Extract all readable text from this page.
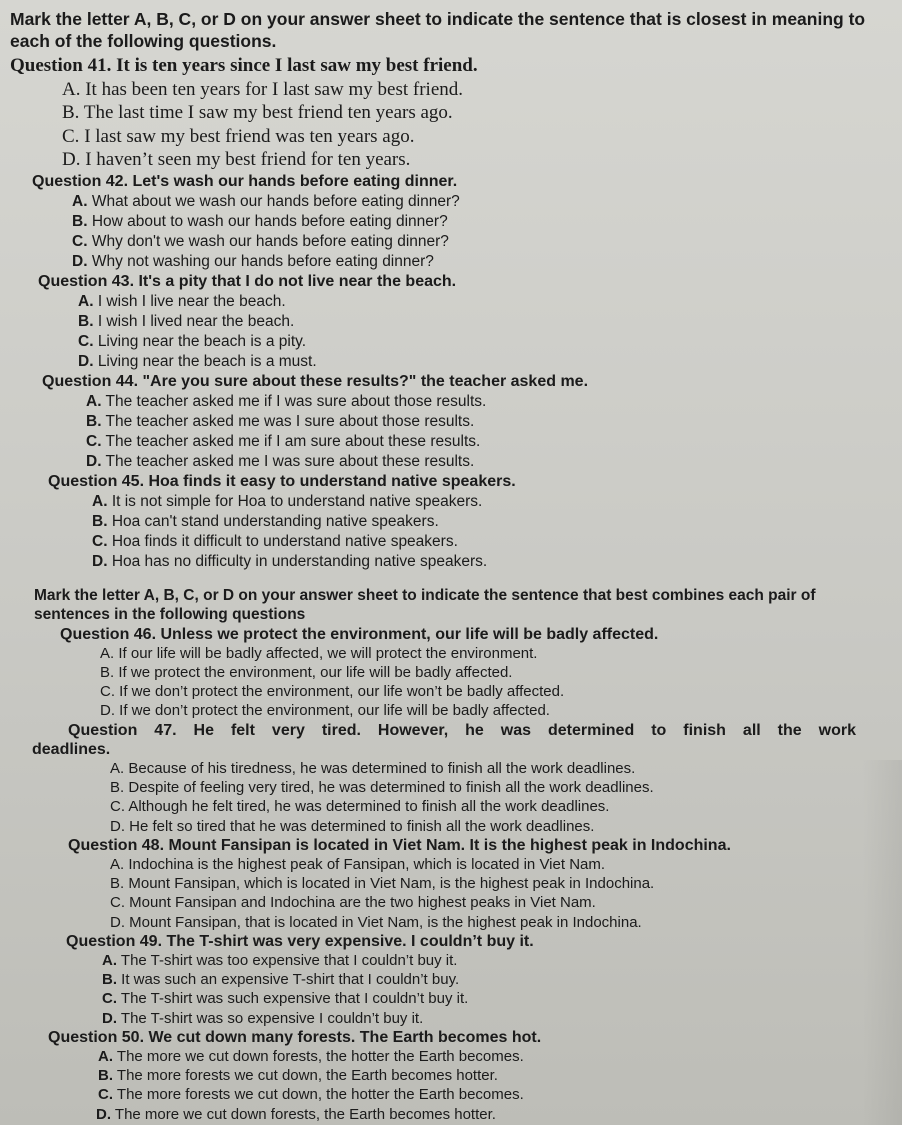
Mark the letter A, B, C, or D on your answer sheet to indicate the sentence that is closest in meaning to each of the following questions.

Question 41. It is ten years since I last saw my best friend.

A. It has been ten years for I last saw my best friend.

B. The last time I saw my best friend ten years ago.

C. I last saw my best friend was ten years ago.

D. I haven’t seen my best friend for ten years.

Question 42. Let's wash our hands before eating dinner.

A. What about we wash our hands before eating dinner?

B. How about to wash our hands before eating dinner?

C. Why don't we wash our hands before eating dinner?

D. Why not washing our hands before eating dinner?

Question 43. It's a pity that I do not live near the beach.

A. I wish I live near the beach.

B. I wish I lived near the beach.

C. Living near the beach is a pity.

D. Living near the beach is a must.

Question 44. "Are you sure about these results?" the teacher asked me.

A. The teacher asked me if I was sure about those results.

B. The teacher asked me was I sure about those results.

C. The teacher asked me if I am sure about these results.

D. The teacher asked me I was sure about these results.

Question 45. Hoa finds it easy to understand native speakers.

A. It is not simple for Hoa to understand native speakers.

B. Hoa can't stand understanding native speakers.

C. Hoa finds it difficult to understand native speakers.

D. Hoa has no difficulty in understanding native speakers.

Mark the letter A, B, C, or D on your answer sheet to indicate the sentence that best combines each pair of sentences in the following questions

Question 46. Unless we protect the environment, our life will be badly affected.

A. If our life will be badly affected, we will protect the environment.

B. If we protect the environment, our life will be badly affected.

C. If we don’t protect the environment, our life won’t be badly affected.

D. If we don’t protect the environment, our life will be badly affected.

Question 47. He felt very tired. However, he was determined to finish all the work
deadlines.

A. Because of his tiredness, he was determined to finish all the work deadlines.

B. Despite of feeling very tired, he was determined to finish all the work deadlines.

C. Although he felt tired, he was determined to finish all the work deadlines.

D. He felt so tired that he was determined to finish all the work deadlines.

Question 48. Mount Fansipan is located in Viet Nam. It is the highest peak in Indochina.

A. Indochina is the highest peak of Fansipan, which is located in Viet Nam.

B. Mount Fansipan, which is located in Viet Nam, is the highest peak in Indochina.

C. Mount Fansipan and Indochina are the two highest peaks in Viet Nam.

D. Mount Fansipan, that is located in Viet Nam, is the highest peak in Indochina.

Question 49. The T-shirt was very expensive. I couldn’t buy it.

A. The T-shirt was too expensive that I couldn’t buy it.

B. It was such an expensive T-shirt that I couldn’t buy.

C. The T-shirt was such expensive that I couldn’t buy it.

D. The T-shirt was so expensive I couldn’t buy it.

Question 50. We cut down many forests. The Earth becomes hot.

A. The more we cut down forests, the hotter the Earth becomes.

B. The more forests we cut down, the Earth becomes hotter.

C. The more forests we cut down, the hotter the Earth becomes.

D. The more we cut down forests, the Earth becomes hotter.
